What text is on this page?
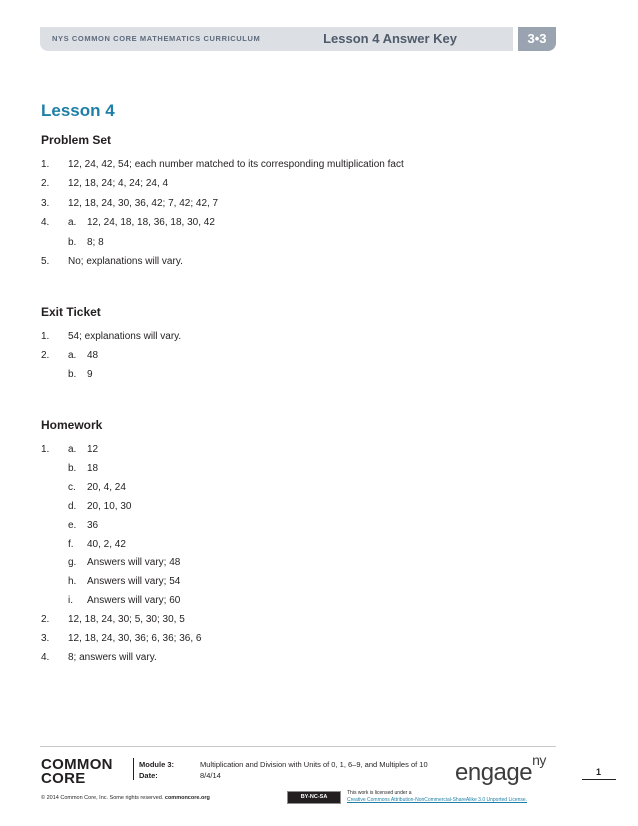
NYS COMMON CORE MATHEMATICS CURRICULUM	Lesson 4 Answer Key	3•3
Lesson 4
Problem Set
1. 12, 24, 42, 54; each number matched to its corresponding multiplication fact
2. 12, 18, 24; 4, 24; 24, 4
3. 12, 18, 24, 30, 36, 42; 7, 42; 42, 7
4. a. 12, 24, 18, 18, 36, 18, 30, 42
b. 8; 8
5. No; explanations will vary.
Exit Ticket
1. 54; explanations will vary.
2. a. 48
b. 9
Homework
1. a. 12
b. 18
c. 20, 4, 24
d. 20, 10, 30
e. 36
f. 40, 2, 42
g. Answers will vary; 48
h. Answers will vary; 54
i. Answers will vary; 60
2. 12, 18, 24, 30; 5, 30; 30, 5
3. 12, 18, 24, 30, 36; 6, 36; 36, 6
4. 8; answers will vary.
COMMON
CORE
Module 3:	Multiplication and Division with Units of 0, 1, 6–9, and Multiples of 10
Date:	8/4/14	engage$^{ny}$
1
© 2014 Common Core, Inc. Some rights reserved. commoncore.org	BY-NC-SA
This work is licensed under a
Creative Commons Attribution-NonCommercial-ShareAlike 3.0 Unported License.
